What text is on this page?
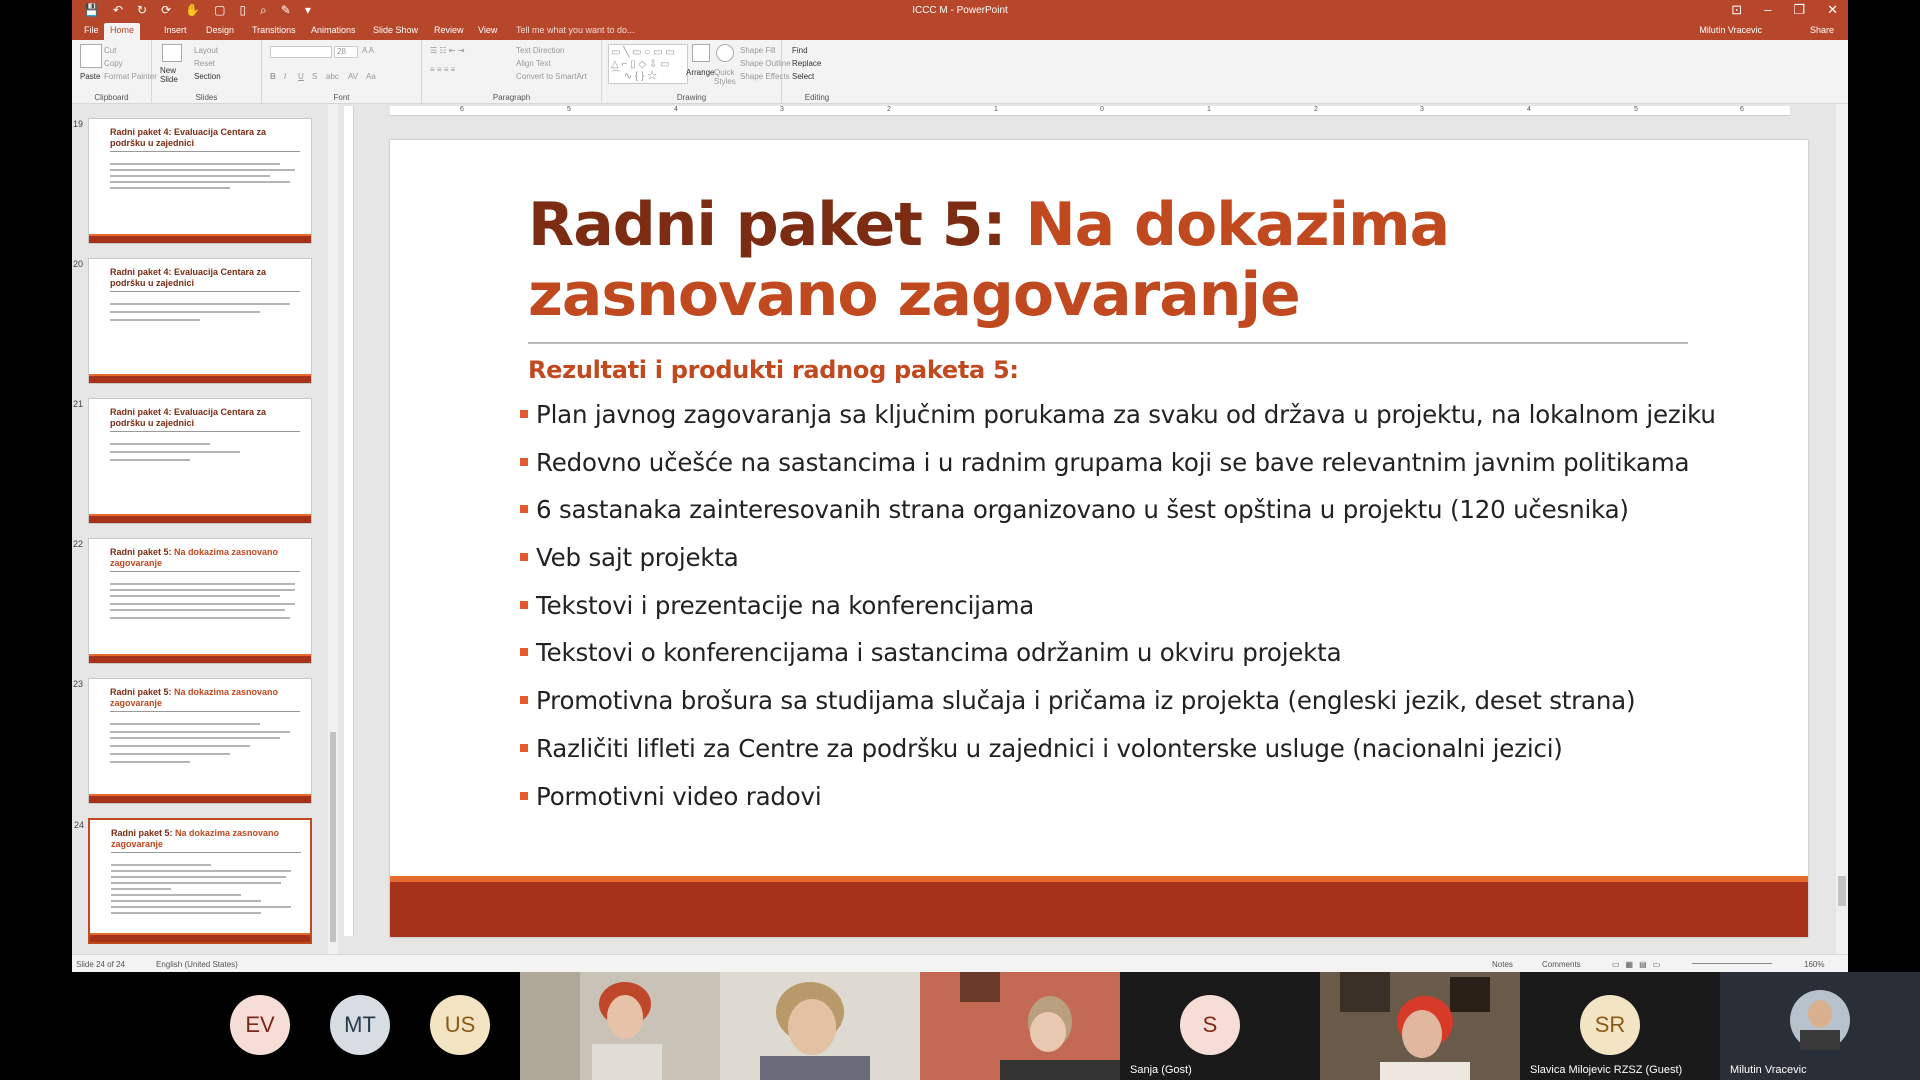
💾 ↶ ↻ ⟳ ✋ ▢ ▯ ⌕ ✎ ▾	ICCC M - PowerPoint	⊡ – ❐ ✕
File	Home	Insert Design Transitions Animations Slide Show Review View Tell me what you want to do...	Milutin Vracevic	Share
Paste
Cut
Copy
Format Painter
Clipboard
New Slide
Layout
Reset
Section
Slides
28	A A
B I U S abc AV Aa
Font
☰ ☷ ⇤ ⇥
≡ ≡ ≡ ≡
Text Direction
Align Text
Convert to SmartArt
Paragraph
▭ ╲ ▭ ○ ▭ ▭
△ ⌐ ▯ ◇ ⇩ ▭
⌒ ∿ { } ☆	Arrange Quick Styles
Shape Fill
Shape Outline
Shape Effects
Drawing
Find
Replace
Select
Editing
19
Radni paket 4: Evaluacija Centara za podršku u zajednici
20
Radni paket 4: Evaluacija Centara za podršku u zajednici
21
Radni paket 4: Evaluacija Centara za podršku u zajednici
22
Radni paket 5: Na dokazima zasnovano zagovaranje
23
Radni paket 5: Na dokazima zasnovano zagovaranje
24
Radni paket 5: Na dokazima zasnovano zagovaranje
6	5	4	3	2	1	0	1	2	3	4	5	6
Radni paket 5: Na dokazima zasnovano zagovaranje
Rezultati i produkti radnog paketa 5:
Plan javnog zagovaranja sa ključnim porukama za svaku od država u projektu, na lokalnom jeziku
Redovno učešće na sastancima i u radnim grupama koji se bave relevantnim javnim politikama
6 sastanaka zainteresovanih strana organizovano u šest opština u projektu (120 učesnika)
Veb sajt projekta
Tekstovi i prezentacije na konferencijama
Tekstovi o konferencijama i sastancima održanim u okviru projekta
Promotivna brošura sa studijama slučaja i pričama iz projekta (engleski jezik, deset strana)
Različiti lifleti za Centre za podršku u zajednici i volonterske usluge (nacionalni jezici)
Pormotivni video radovi
Slide 24 of 24	English (United States)	Notes	Comments	▭▦▤▭	160%
EV	MT	US	S
Sanja (Gost)
SR
Slavica Milojevic RZSZ (Guest)	Milutin Vracevic
